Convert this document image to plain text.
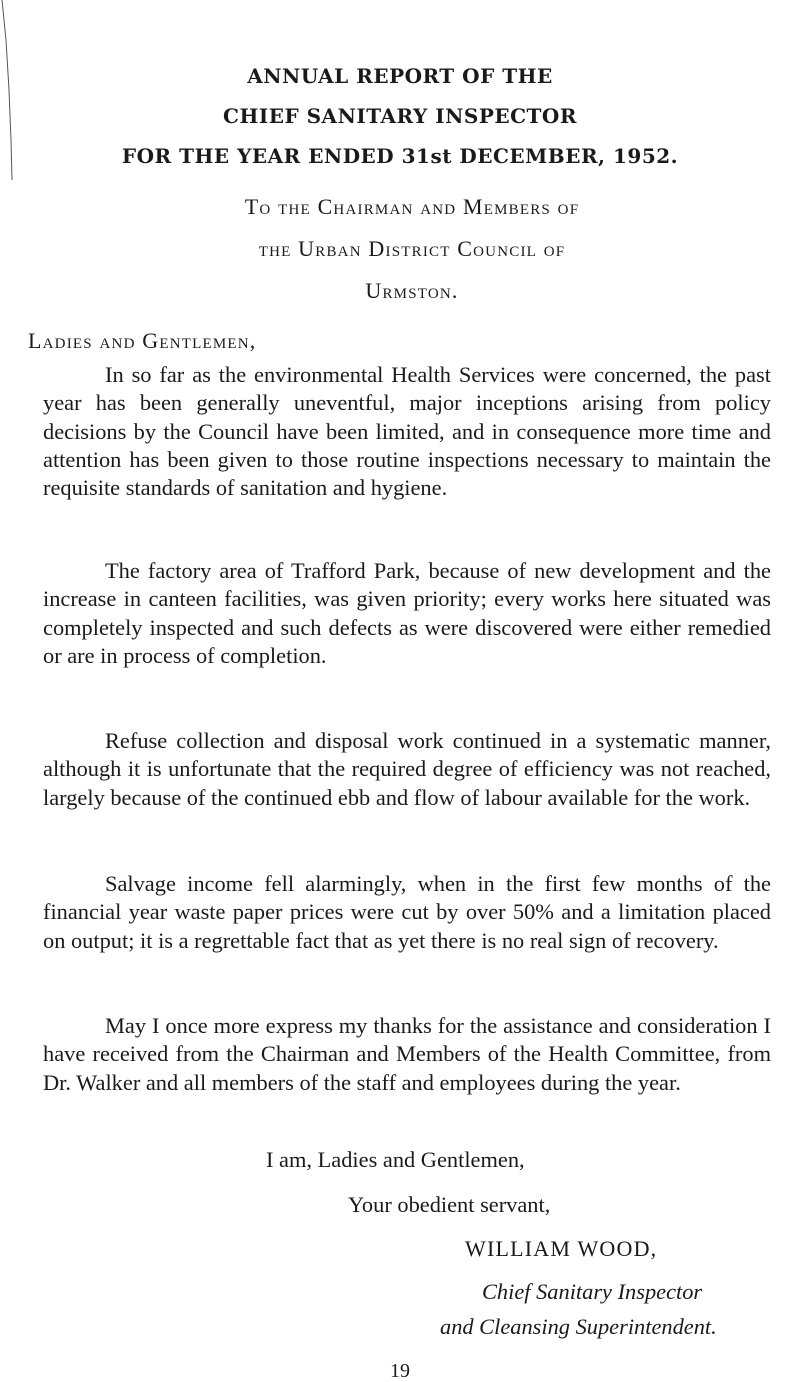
ANNUAL REPORT OF THE
CHIEF SANITARY INSPECTOR
FOR THE YEAR ENDED 31st DECEMBER, 1952.

To the Chairman and Members of

the Urban District Council of

Urmston.

Ladies and Gentlemen,

In so far as the environmental Health Services were concerned, the past year has been generally uneventful, major inceptions arising from policy decisions by the Council have been limited, and in consequence more time and attention has been given to those routine inspections necessary to maintain the requisite standards of sanitation and hygiene.

The factory area of Trafford Park, because of new development and the increase in canteen facilities, was given priority; every works here situated was completely inspected and such defects as were discovered were either remedied or are in process of completion.

Refuse collection and disposal work continued in a systematic manner, although it is unfortunate that the required degree of efficiency was not reached, largely because of the continued ebb and flow of labour available for the work.

Salvage income fell alarmingly, when in the first few months of the financial year waste paper prices were cut by over 50% and a limitation placed on output; it is a regrettable fact that as yet there is no real sign of recovery.

May I once more express my thanks for the assistance and consideration I have received from the Chairman and Members of the Health Committee, from Dr. Walker and all members of the staff and employees during the year.

I am, Ladies and Gentlemen,

Your obedient servant,

WILLIAM WOOD,

Chief Sanitary Inspector

and Cleansing Superintendent.

19
